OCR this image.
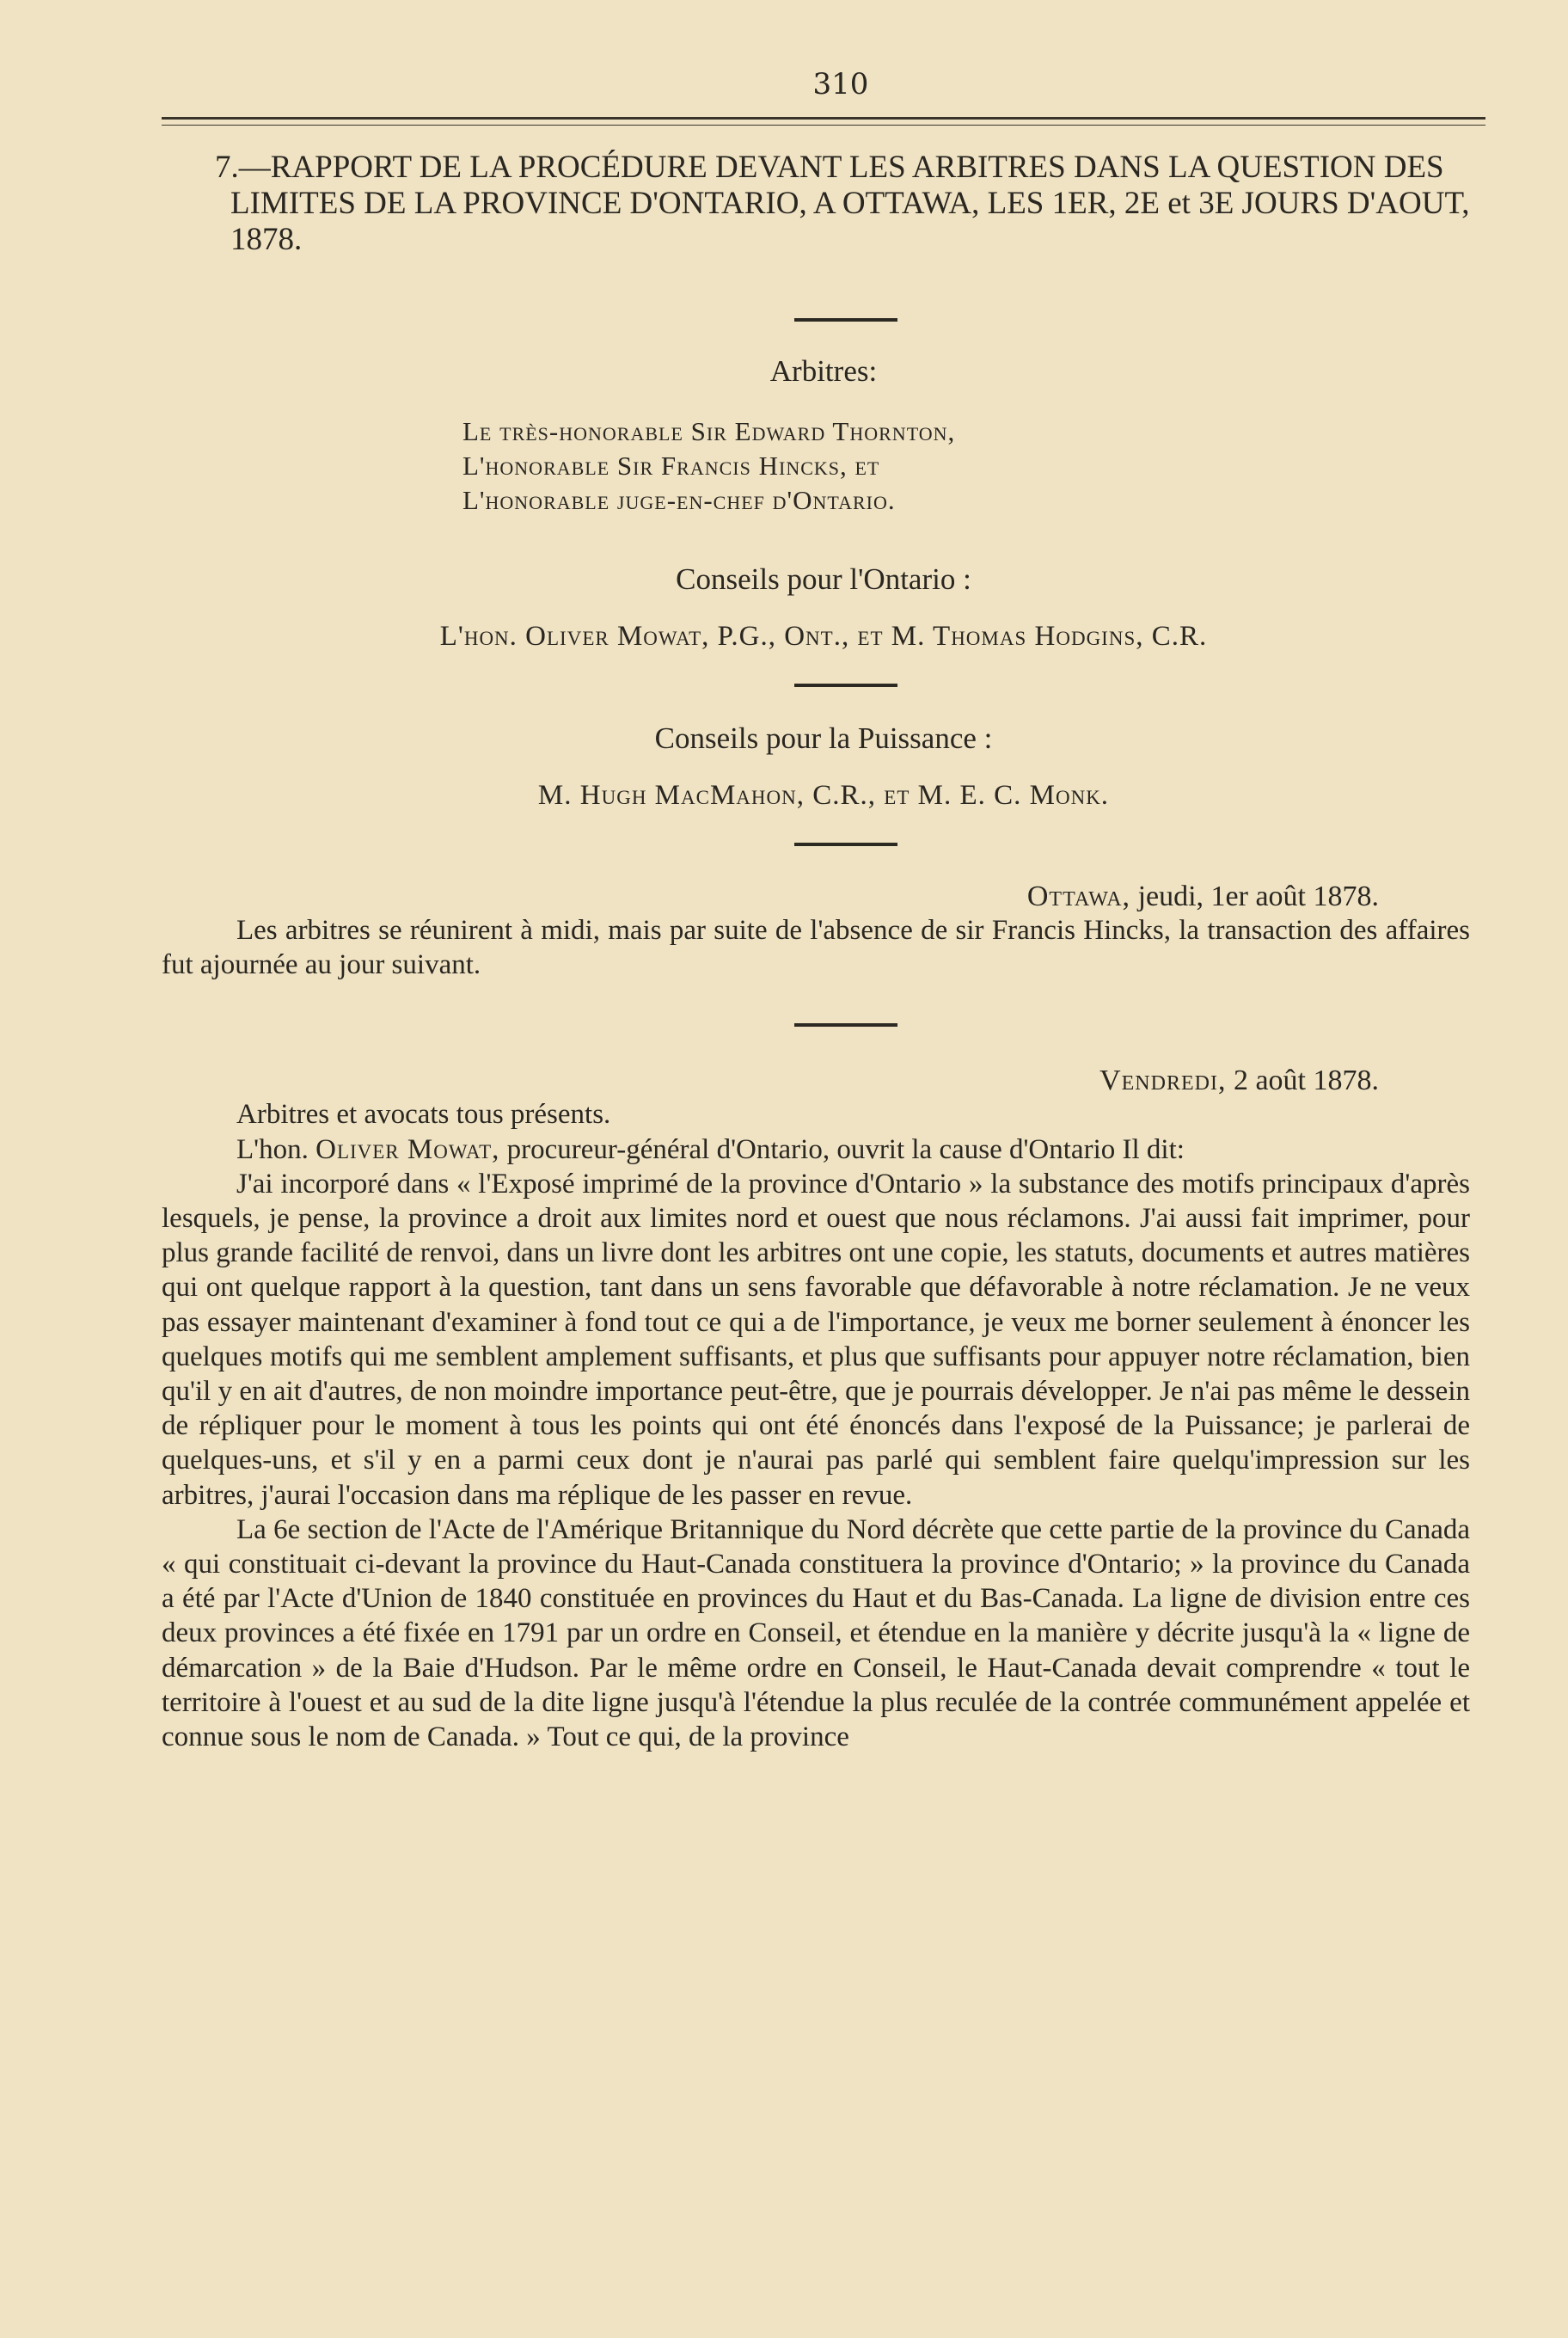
310

7.—RAPPORT DE LA PROCÉDURE DEVANT LES ARBITRES DANS LA QUESTION DES LIMITES DE LA PROVINCE D'ONTARIO, A OTTAWA, LES 1ER, 2E et 3E JOURS D'AOUT, 1878.

Arbitres:

Le très-honorable Sir Edward Thornton,
L'honorable Sir Francis Hincks, et
L'honorable juge-en-chef d'Ontario.

Conseils pour l'Ontario :

L'hon. Oliver Mowat, P.G., Ont., et M. Thomas Hodgins, C.R.

Conseils pour la Puissance :

M. Hugh MacMahon, C.R., et M. E. C. Monk.

Ottawa, jeudi, 1er août 1878.

Les arbitres se réunirent à midi, mais par suite de l'absence de sir Francis Hincks, la transaction des affaires fut ajournée au jour suivant.

Vendredi, 2 août 1878.

Arbitres et avocats tous présents.

L'hon. Oliver Mowat, procureur-général d'Ontario, ouvrit la cause d'Ontario Il dit:

J'ai incorporé dans « l'Exposé imprimé de la province d'Ontario » la substance des motifs principaux d'après lesquels, je pense, la province a droit aux limites nord et ouest que nous réclamons. J'ai aussi fait imprimer, pour plus grande facilité de renvoi, dans un livre dont les arbitres ont une copie, les statuts, documents et autres matières qui ont quelque rapport à la question, tant dans un sens favorable que défavorable à notre réclamation. Je ne veux pas essayer maintenant d'examiner à fond tout ce qui a de l'importance, je veux me borner seulement à énoncer les quelques motifs qui me semblent amplement suffisants, et plus que suffisants pour appuyer notre réclamation, bien qu'il y en ait d'autres, de non moindre importance peut-être, que je pourrais développer. Je n'ai pas même le dessein de répliquer pour le moment à tous les points qui ont été énoncés dans l'exposé de la Puissance; je parlerai de quelques-uns, et s'il y en a parmi ceux dont je n'aurai pas parlé qui semblent faire quelqu'impression sur les arbitres, j'aurai l'occasion dans ma réplique de les passer en revue.

La 6e section de l'Acte de l'Amérique Britannique du Nord décrète que cette partie de la province du Canada « qui constituait ci-devant la province du Haut-Canada constituera la province d'Ontario; » la province du Canada a été par l'Acte d'Union de 1840 constituée en provinces du Haut et du Bas-Canada. La ligne de division entre ces deux provinces a été fixée en 1791 par un ordre en Conseil, et étendue en la manière y décrite jusqu'à la « ligne de démarcation » de la Baie d'Hudson. Par le même ordre en Conseil, le Haut-Canada devait comprendre « tout le territoire à l'ouest et au sud de la dite ligne jusqu'à l'étendue la plus reculée de la contrée communément appelée et connue sous le nom de Canada. » Tout ce qui, de la province
